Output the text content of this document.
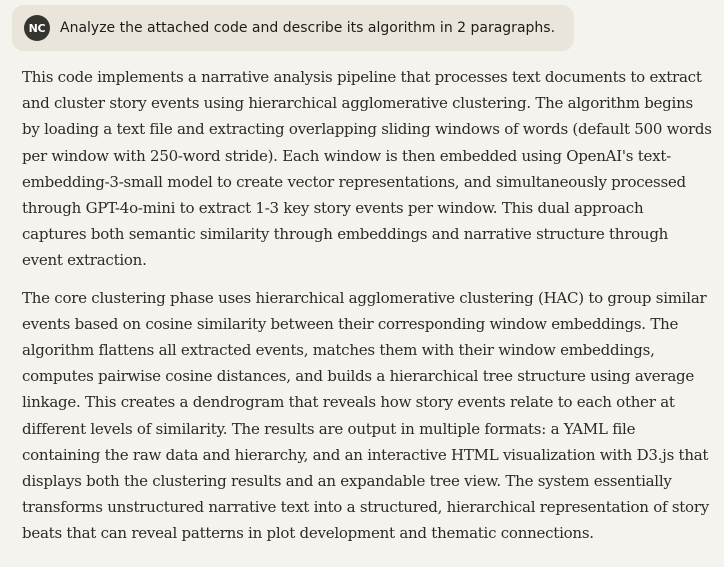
NC	Analyze the attached code and describe its algorithm in 2 paragraphs.

This code implements a narrative analysis pipeline that processes text documents to extract and cluster story events using hierarchical agglomerative clustering. The algorithm begins by loading a text file and extracting overlapping sliding windows of words (default 500 words per window with 250-word stride). Each window is then embedded using OpenAI's text-embedding-3-small model to create vector representations, and simultaneously processed through GPT-4o-mini to extract 1-3 key story events per window. This dual approach captures both semantic similarity through embeddings and narrative structure through event extraction.

The core clustering phase uses hierarchical agglomerative clustering (HAC) to group similar events based on cosine similarity between their corresponding window embeddings. The algorithm flattens all extracted events, matches them with their window embeddings, computes pairwise cosine distances, and builds a hierarchical tree structure using average linkage. This creates a dendrogram that reveals how story events relate to each other at different levels of similarity. The results are output in multiple formats: a YAML file containing the raw data and hierarchy, and an interactive HTML visualization with D3.js that displays both the clustering results and an expandable tree view. The system essentially transforms unstructured narrative text into a structured, hierarchical representation of story beats that can reveal patterns in plot development and thematic connections.
